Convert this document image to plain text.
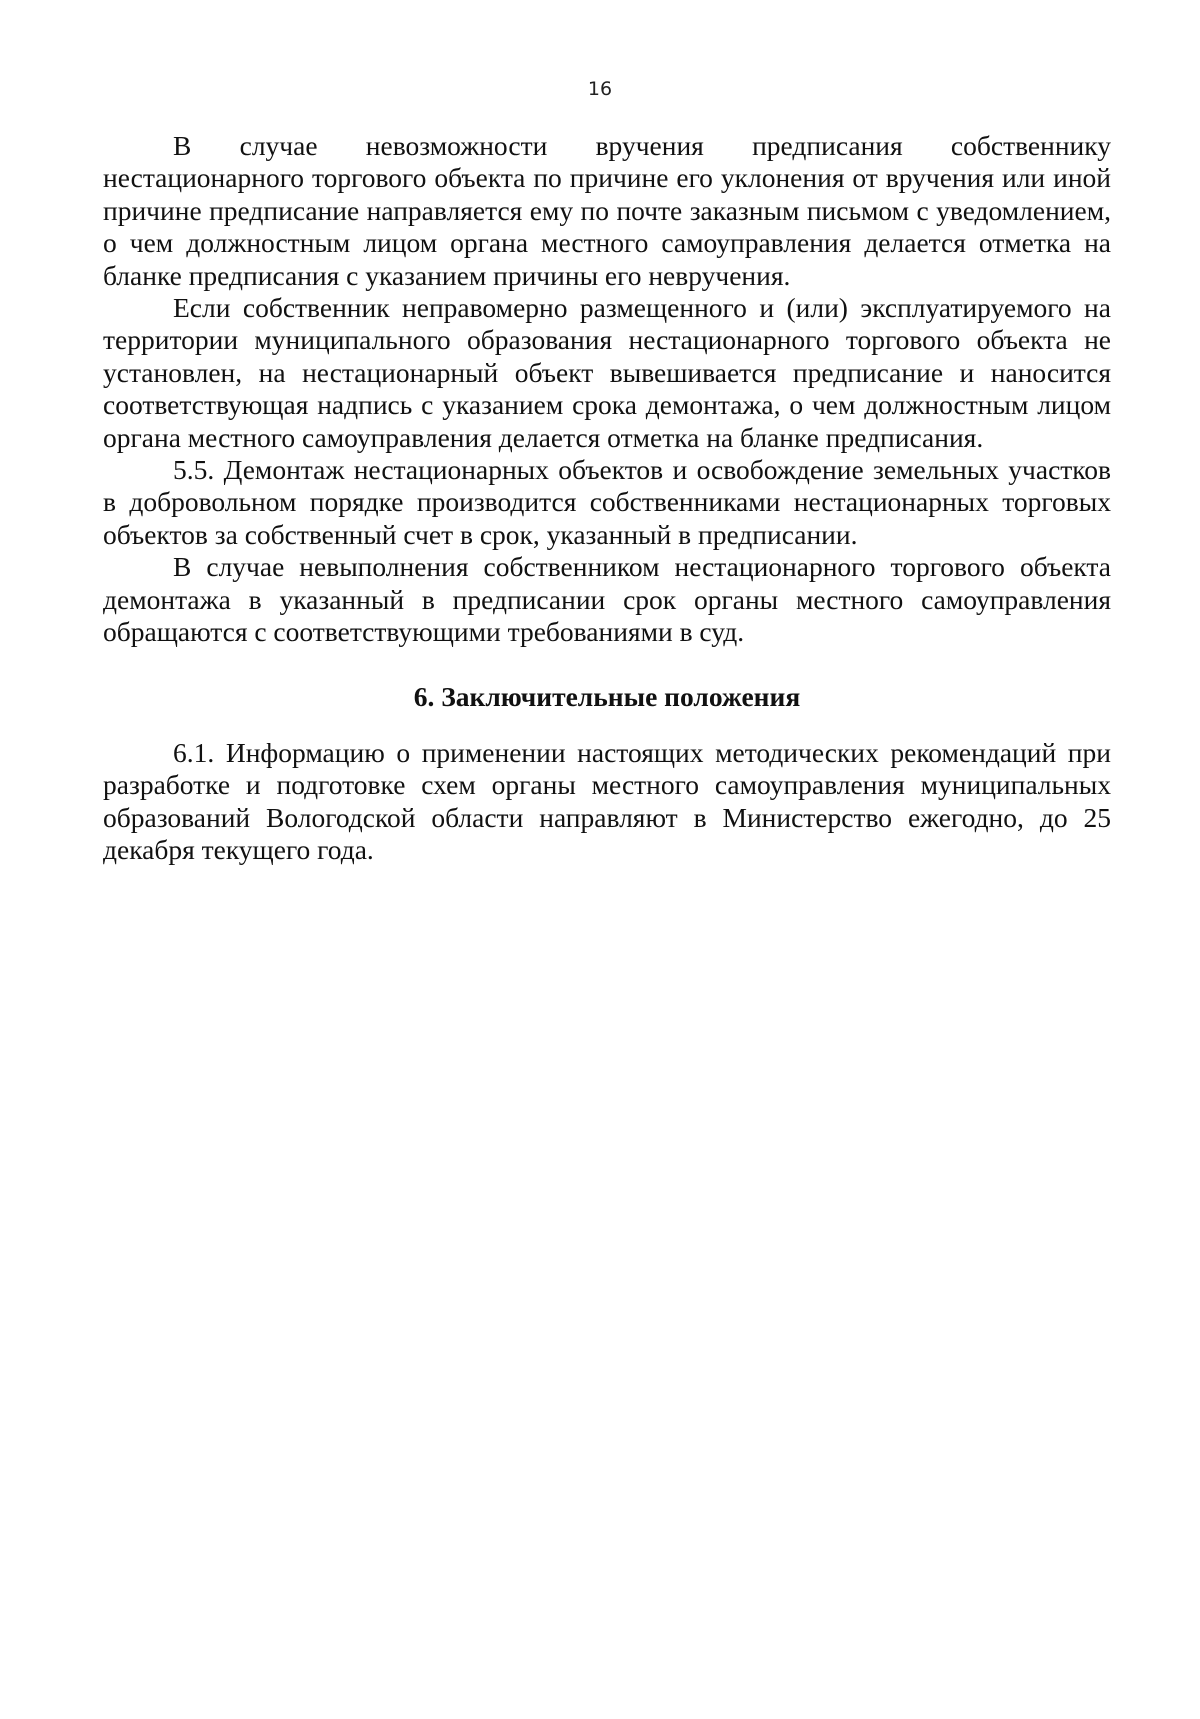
16

В случае невозможности вручения предписания собственнику нестационарного торгового объекта по причине его уклонения от вручения или иной причине предписание направляется ему по почте заказным письмом с уведомлением, о чем должностным лицом органа местного самоуправления делается отметка на бланке предписания с указанием причины его невручения.

Если собственник неправомерно размещенного и (или) эксплуатируемого на территории муниципального образования нестационарного торгового объекта не установлен, на нестационарный объект вывешивается предписание и наносится соответствующая надпись с указанием срока демонтажа, о чем должностным лицом органа местного самоуправления делается отметка на бланке предписания.

5.5. Демонтаж нестационарных объектов и освобождение земельных участков в добровольном порядке производится собственниками нестационарных торговых объектов за собственный счет в срок, указанный в предписании.

В случае невыполнения собственником нестационарного торгового объекта демонтажа в указанный в предписании срок органы местного самоуправления обращаются с соответствующими требованиями в суд.

6. Заключительные положения

6.1. Информацию о применении настоящих методических рекомендаций при разработке и подготовке схем органы местного самоуправления муниципальных образований Вологодской области направляют в Министерство ежегодно, до 25 декабря текущего года.
